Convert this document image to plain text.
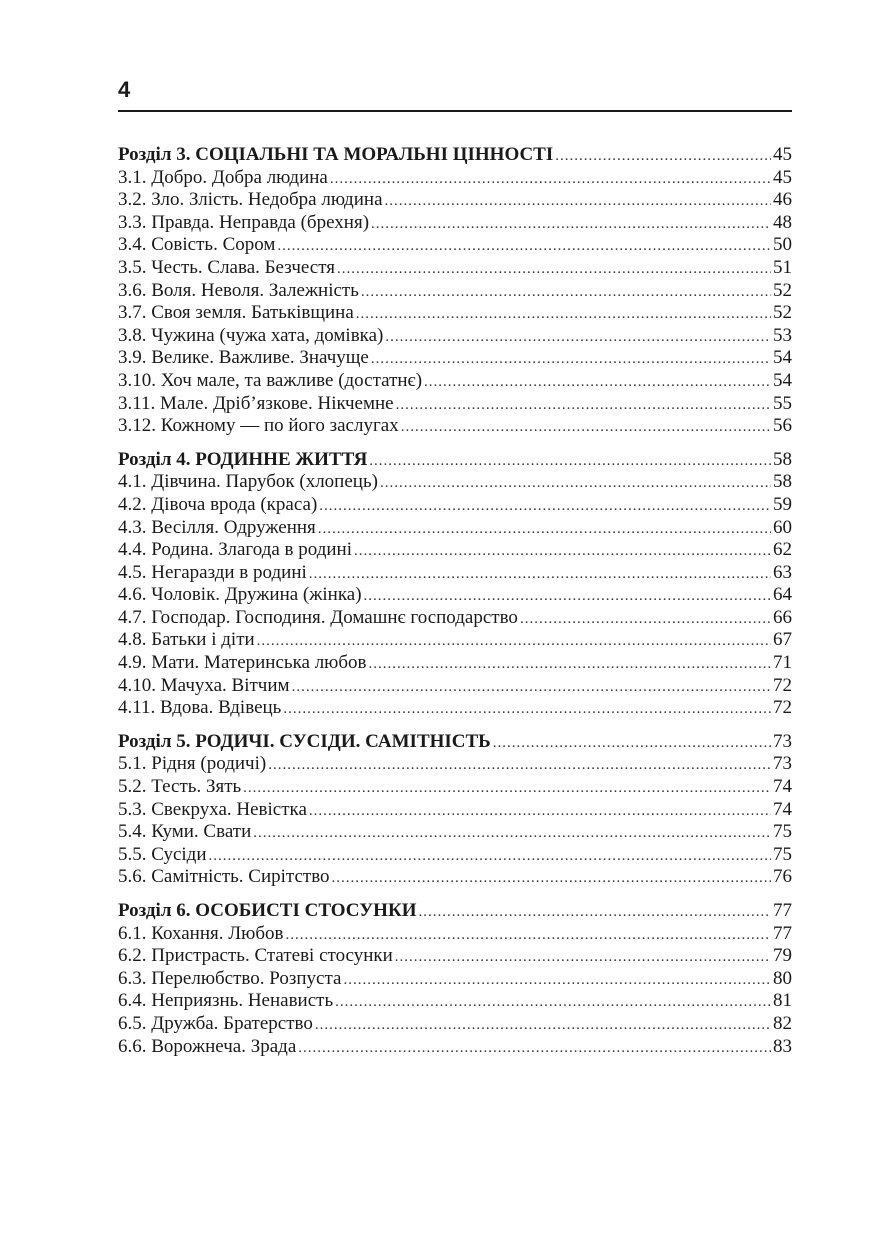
4
Розділ 3. СОЦІАЛЬНІ ТА МОРАЛЬНІ ЦІННОСТІ .....	45
3.1. Добро. Добра людина .....	45
3.2. Зло. Злість. Недобра людина .....	46
3.3. Правда. Неправда (брехня) .....	48
3.4. Совість. Сором .....	50
3.5. Честь. Слава. Безчестя .....	51
3.6. Воля. Неволя. Залежність .....	52
3.7. Своя земля. Батьківщина .....	52
3.8. Чужина (чужа хата, домівка) .....	53
3.9. Велике. Важливе. Значуще .....	54
3.10. Хоч мале, та важливе (достатнє) .....	54
3.11. Мале. Дріб’язкове. Нікчемне .....	55
3.12. Кожному — по його заслугах .....	56
Розділ 4. РОДИННЕ ЖИТТЯ .....	58
4.1. Дівчина. Парубок (хлопець) .....	58
4.2. Дівоча врода (краса) .....	59
4.3. Весілля. Одруження .....	60
4.4. Родина. Злагода в родині .....	62
4.5. Негаразди в родині .....	63
4.6. Чоловік. Дружина (жінка) .....	64
4.7. Господар. Господиня. Домашнє господарство .....	66
4.8. Батьки і діти .....	67
4.9. Мати. Материнська любов .....	71
4.10. Мачуха. Вітчим .....	72
4.11. Вдова. Вдівець .....	72
Розділ 5. РОДИЧІ. СУСІДИ. САМІТНІСТЬ .....	73
5.1. Рідня (родичі) .....	73
5.2. Тесть. Зять .....	74
5.3. Свекруха. Невістка .....	74
5.4. Куми. Свати .....	75
5.5. Сусіди .....	75
5.6. Самітність. Сирітство .....	76
Розділ 6. ОСОБИСТІ СТОСУНКИ .....	77
6.1. Кохання. Любов .....	77
6.2. Пристрасть. Статеві стосунки .....	79
6.3. Перелюбство. Розпуста .....	80
6.4. Неприязнь. Ненависть .....	81
6.5. Дружба. Братерство .....	82
6.6. Ворожнеча. Зрада .....	83
